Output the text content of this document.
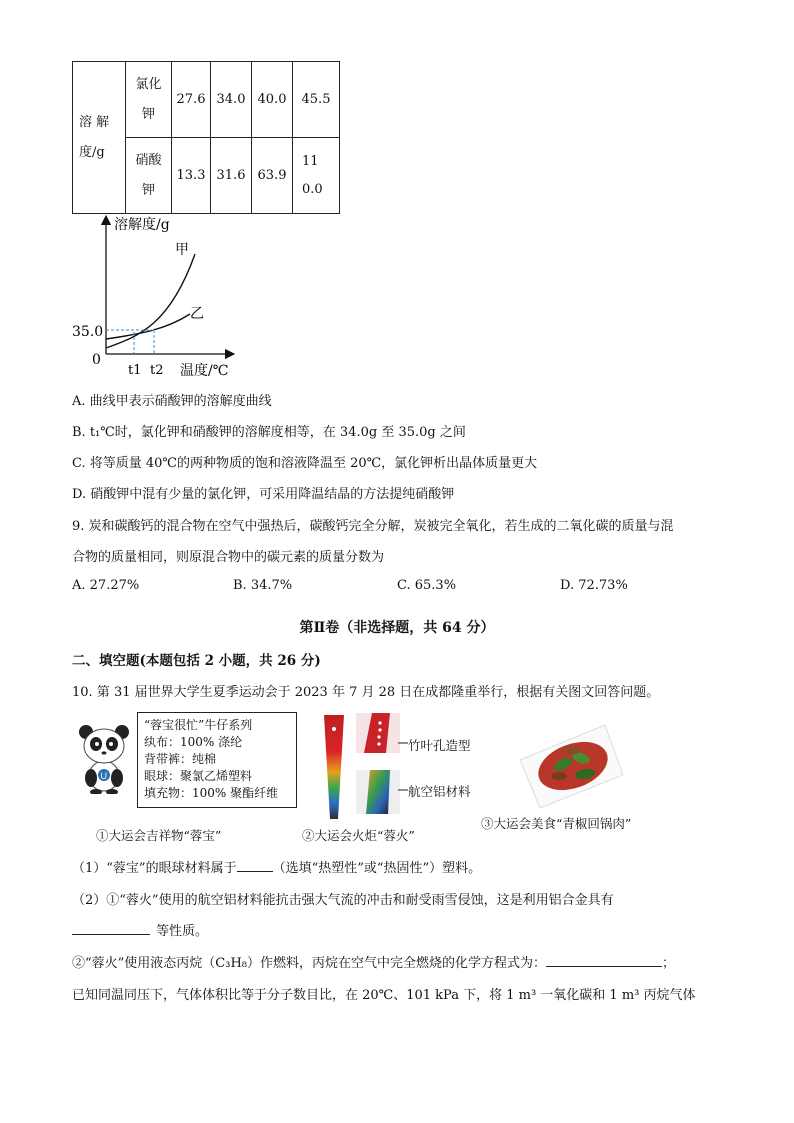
溶 解 度/g	氯化钾	27.6	34.0	40.0	45.5

	硝酸钾	13.3	31.6	63.9	110.0
溶解度/g
甲
乙
35.0
0
t1 t2 温度/℃
A. 曲线甲表示硝酸钾的溶解度曲线
B. t₁℃时，氯化钾和硝酸钾的溶解度相等，在 34.0g 至 35.0g 之间
C. 将等质量 40℃的两种物质的饱和溶液降温至 20℃，氯化钾析出晶体质量更大
D. 硝酸钾中混有少量的氯化钾，可采用降温结晶的方法提纯硝酸钾
9. 炭和碳酸钙的混合物在空气中强热后，碳酸钙完全分解，炭被完全氧化，若生成的二氧化碳的质量与混
合物的质量相同，则原混合物中的碳元素的质量分数为
A. 27.27%	B. 34.7%	C. 65.3%	D. 72.73%
第Ⅱ卷（非选择题，共 64 分）
二、填空题(本题包括 2 小题，共 26 分)
10. 第 31 届世界大学生夏季运动会于 2023 年 7 月 28 日在成都隆重举行，根据有关图文回答问题。
U
“蓉宝很忙”牛仔系列
纨布：100% 涤纶
背带裤：纯棉
眼球：聚氯乙烯塑料
填充物：100% 聚酯纤维
竹叶孔造型
航空铝材料
①大运会吉祥物“蓉宝”	②大运会火炬“蓉火”
③大运会美食“青椒回锅肉”
（1）“蓉宝”的眼球材料属于	（选填“热塑性”或“热固性”）塑料。
（2）①“蓉火”使用的航空铝材料能抗击强大气流的冲击和耐受雨雪侵蚀，这是利用铝合金具有
等性质。
②“蓉火”使用液态丙烷（C₃H₈）作燃料，丙烷在空气中完全燃烧的化学方程式为：	；
已知同温同压下，气体体积比等于分子数目比，在 20℃、101 kPa 下，将 1 m³ 一氧化碳和 1 m³ 丙烷气体
